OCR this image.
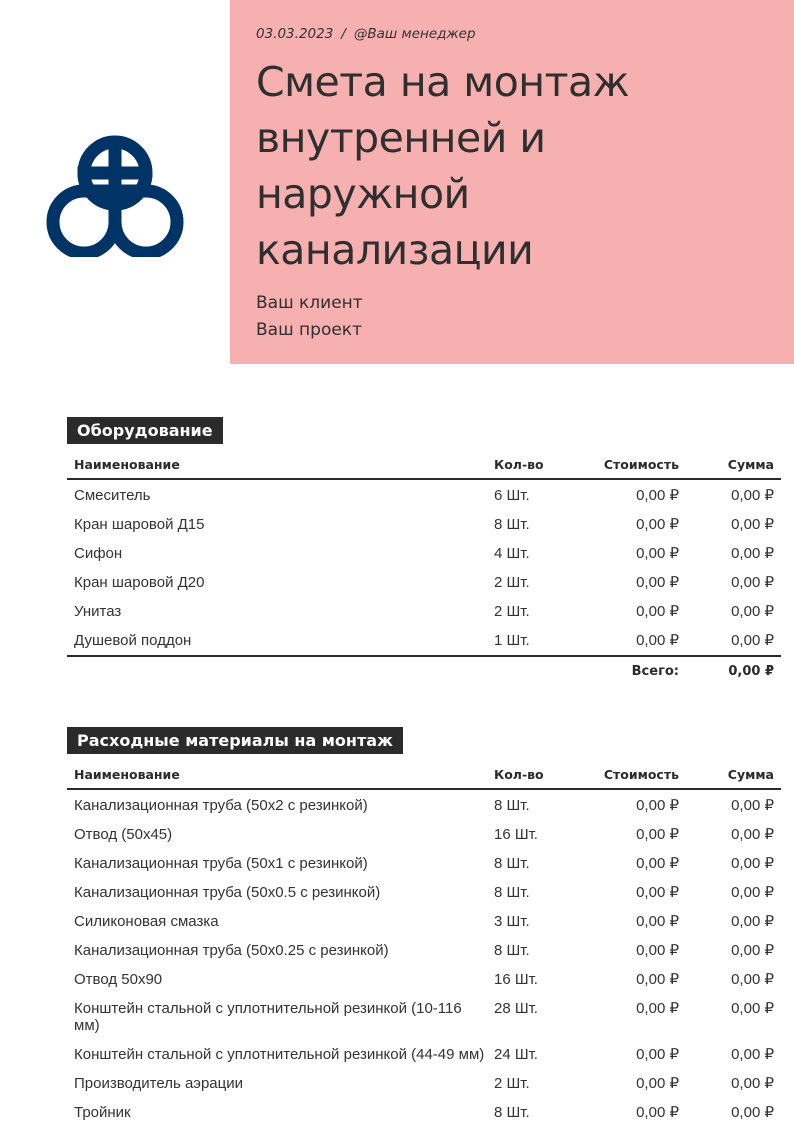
03.03.2023 / @Ваш менеджер
Смета на монтаж
внутренней и
наружной
канализации
Ваш клиент
Ваш проект
Оборудование
Наименование	Кол-во	Стоимость	Сумма
Смеситель	6 Шт.	0,00 ₽	0,00 ₽
Кран шаровой Д15	8 Шт.	0,00 ₽	0,00 ₽
Сифон	4 Шт.	0,00 ₽	0,00 ₽
Кран шаровой Д20	2 Шт.	0,00 ₽	0,00 ₽
Унитаз	2 Шт.	0,00 ₽	0,00 ₽
Душевой поддон	1 Шт.	0,00 ₽	0,00 ₽
		Всего:	0,00 ₽
Расходные материалы на монтаж
Наименование	Кол-во	Стоимость	Сумма
Канализационная труба (50х2 с резинкой)	8 Шт.	0,00 ₽	0,00 ₽
Отвод (50х45)	16 Шт.	0,00 ₽	0,00 ₽
Канализационная труба (50х1 с резинкой)	8 Шт.	0,00 ₽	0,00 ₽
Канализационная труба (50х0.5 с резинкой)	8 Шт.	0,00 ₽	0,00 ₽
Силиконовая смазка	3 Шт.	0,00 ₽	0,00 ₽
Канализационная труба (50х0.25 с резинкой)	8 Шт.	0,00 ₽	0,00 ₽
Отвод 50х90	16 Шт.	0,00 ₽	0,00 ₽
Конштейн стальной с уплотнительной резинкой (10-116 мм)	28 Шт.	0,00 ₽	0,00 ₽
Конштейн стальной с уплотнительной резинкой (44-49 мм)	24 Шт.	0,00 ₽	0,00 ₽
Производитель аэрации	2 Шт.	0,00 ₽	0,00 ₽
Тройник	8 Шт.	0,00 ₽	0,00 ₽
